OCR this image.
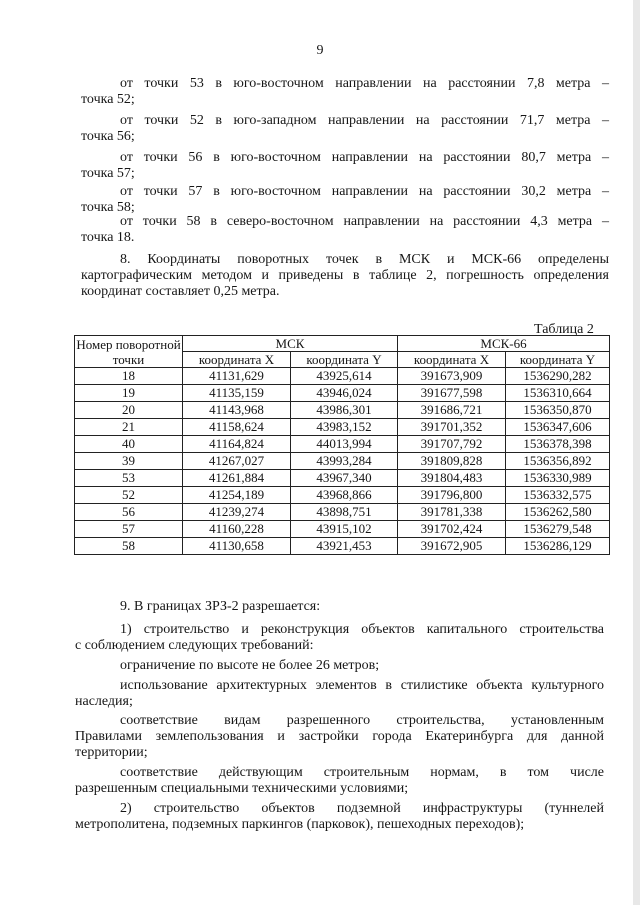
9
от точки 53 в юго-восточном направлении на расстоянии 7,8 метра –
точка 52;
от точки 52 в юго-западном направлении на расстоянии 71,7 метра –
точка 56;
от точки 56 в юго-восточном направлении на расстоянии 80,7 метра –
точка 57;
от точки 57 в юго-восточном направлении на расстоянии 30,2 метра –
точка 58;
от точки 58 в северо-восточном направлении на расстоянии 4,3 метра –
точка 18.
8. Координаты поворотных точек в МСК и МСК-66 определены
картографическим методом и приведены в таблице 2, погрешность определения
координат составляет 0,25 метра.
Таблица 2
Номер поворотной точки	МСК		МСК-66	
	координата X	координата Y	координата X	координата Y
18	41131,629	43925,614	391673,909	1536290,282
19	41135,159	43946,024	391677,598	1536310,664
20	41143,968	43986,301	391686,721	1536350,870
21	41158,624	43983,152	391701,352	1536347,606
40	41164,824	44013,994	391707,792	1536378,398
39	41267,027	43993,284	391809,828	1536356,892
53	41261,884	43967,340	391804,483	1536330,989
52	41254,189	43968,866	391796,800	1536332,575
56	41239,274	43898,751	391781,338	1536262,580
57	41160,228	43915,102	391702,424	1536279,548
58	41130,658	43921,453	391672,905	1536286,129
9. В границах ЗРЗ-2 разрешается:
1) строительство и реконструкция объектов капитального строительства
с соблюдением следующих требований:
ограничение по высоте не более 26 метров;
использование архитектурных элементов в стилистике объекта культурного
наследия;
соответствие видам разрешенного строительства, установленным
Правилами землепользования и застройки города Екатеринбурга для данной
территории;
соответствие действующим строительным нормам, в том числе
разрешенным специальными техническими условиями;
2) строительство объектов подземной инфраструктуры (туннелей
метрополитена, подземных паркингов (парковок), пешеходных переходов);
